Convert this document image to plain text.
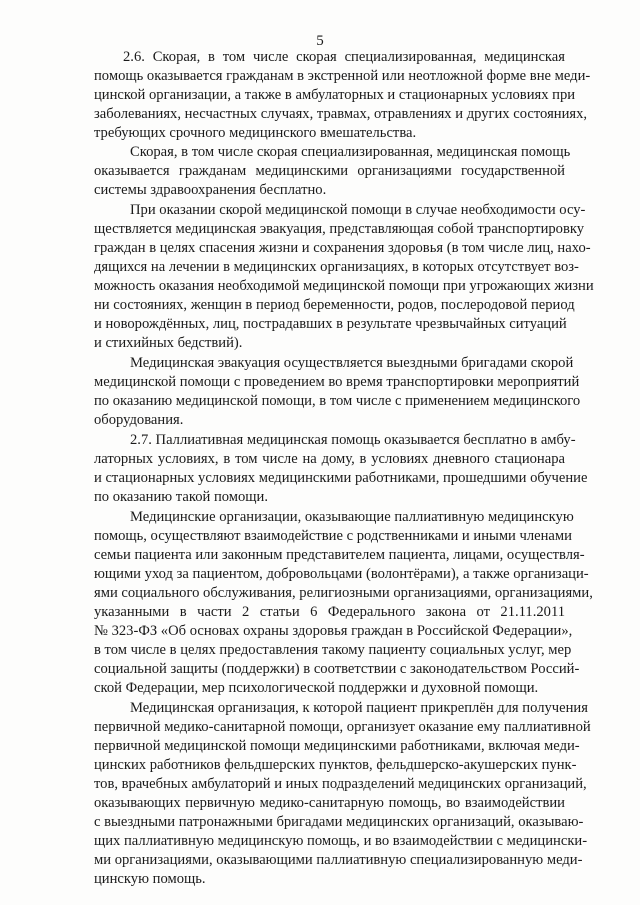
5

2.6. Скорая, в том числе скорая специализированная, медицинская

помощь оказывается гражданам в экстренной или неотложной форме вне меди-

цинской организации, а также в амбулаторных и стационарных условиях при

заболеваниях, несчастных случаях, травмах, отравлениях и других состояниях,

требующих срочного медицинского вмешательства.

Скорая, в том числе скорая специализированная, медицинская помощь

оказывается гражданам медицинскими организациями государственной

системы здравоохранения бесплатно.

При оказании скорой медицинской помощи в случае необходимости осу-

ществляется медицинская эвакуация, представляющая собой транспортировку

граждан в целях спасения жизни и сохранения здоровья (в том числе лиц, нахо-

дящихся на лечении в медицинских организациях, в которых отсутствует воз-

можность оказания необходимой медицинской помощи при угрожающих жизни

ни состояниях, женщин в период беременности, родов, послеродовой период

и новорождённых, лиц, пострадавших в результате чрезвычайных ситуаций

и стихийных бедствий).

Медицинская эвакуация осуществляется выездными бригадами скорой

медицинской помощи с проведением во время транспортировки мероприятий

по оказанию медицинской помощи, в том числе с применением медицинского

оборудования.

2.7. Паллиативная медицинская помощь оказывается бесплатно в амбу-

латорных условиях, в том числе на дому, в условиях дневного стационара

и стационарных условиях медицинскими работниками, прошедшими обучение

по оказанию такой помощи.

Медицинские организации, оказывающие паллиативную медицинскую

помощь, осуществляют взаимодействие с родственниками и иными членами

семьи пациента или законным представителем пациента, лицами, осуществля-

ющими уход за пациентом, добровольцами (волонтёрами), а также организаци-

ями социального обслуживания, религиозными организациями, организациями,

указанными в части 2 статьи 6 Федерального закона от 21.11.2011

№ 323-ФЗ «Об основах охраны здоровья граждан в Российской Федерации»,

в том числе в целях предоставления такому пациенту социальных услуг, мер

социальной защиты (поддержки) в соответствии с законодательством Россий-

ской Федерации, мер психологической поддержки и духовной помощи.

Медицинская организация, к которой пациент прикреплён для получения

первичной медико-санитарной помощи, организует оказание ему паллиативной

первичной медицинской помощи медицинскими работниками, включая меди-

цинских работников фельдшерских пунктов, фельдшерско-акушерских пунк-

тов, врачебных амбулаторий и иных подразделений медицинских организаций,

оказывающих первичную медико-санитарную помощь, во взаимодействии

с выездными патронажными бригадами медицинских организаций, оказываю-

щих паллиативную медицинскую помощь, и во взаимодействии с медицински-

ми организациями, оказывающими паллиативную специализированную меди-

цинскую помощь.
